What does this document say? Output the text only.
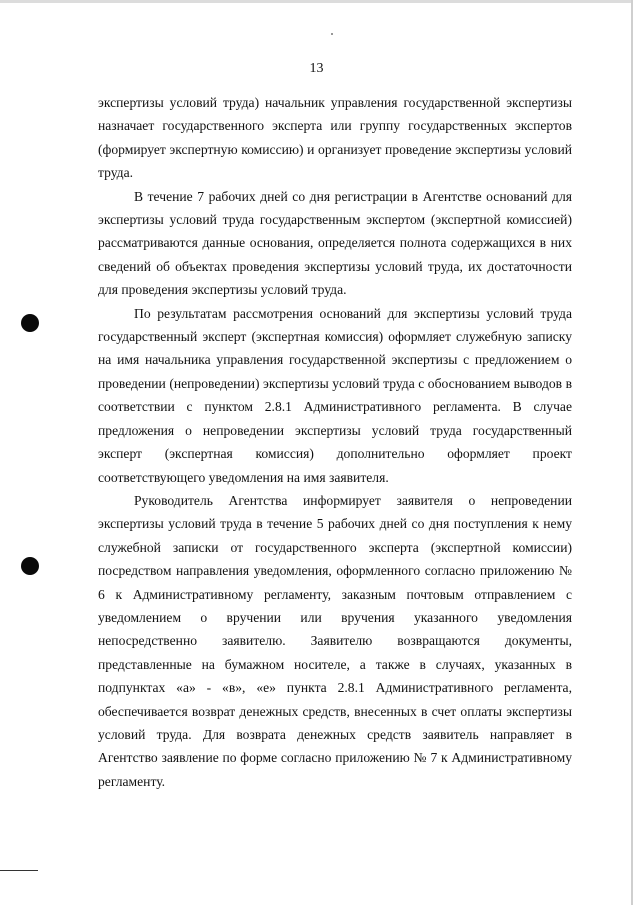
13

экспертизы условий труда) начальник управления государственной экспертизы назначает государственного эксперта или группу государственных экспертов (формирует экспертную комиссию) и организует проведение экспертизы условий труда.

В течение 7 рабочих дней со дня регистрации в Агентстве оснований для экспертизы условий труда государственным экспертом (экспертной комиссией) рассматриваются данные основания, определяется полнота содержащихся в них сведений об объектах проведения экспертизы условий труда, их достаточности для проведения экспертизы условий труда.

По результатам рассмотрения оснований для экспертизы условий труда государственный эксперт (экспертная комиссия) оформляет служебную записку на имя начальника управления государственной экспертизы с предложением о проведении (непроведении) экспертизы условий труда с обоснованием выводов в соответствии с пунктом 2.8.1 Административного регламента. В случае предложения о непроведении экспертизы условий труда государственный эксперт (экспертная комиссия) дополнительно оформляет проект соответствующего уведомления на имя заявителя.

Руководитель Агентства информирует заявителя о непроведении экспертизы условий труда в течение 5 рабочих дней со дня поступления к нему служебной записки от государственного эксперта (экспертной комиссии) посредством направления уведомления, оформленного согласно приложению № 6 к Административному регламенту, заказным почтовым отправлением с уведомлением о вручении или вручения указанного уведомления непосредственно заявителю. Заявителю возвращаются документы, представленные на бумажном носителе, а также в случаях, указанных в подпунктах «а» - «в», «е» пункта 2.8.1 Административного регламента, обеспечивается возврат денежных средств, внесенных в счет оплаты экспертизы условий труда. Для возврата денежных средств заявитель направляет в Агентство заявление по форме согласно приложению № 7 к Административному регламенту.
